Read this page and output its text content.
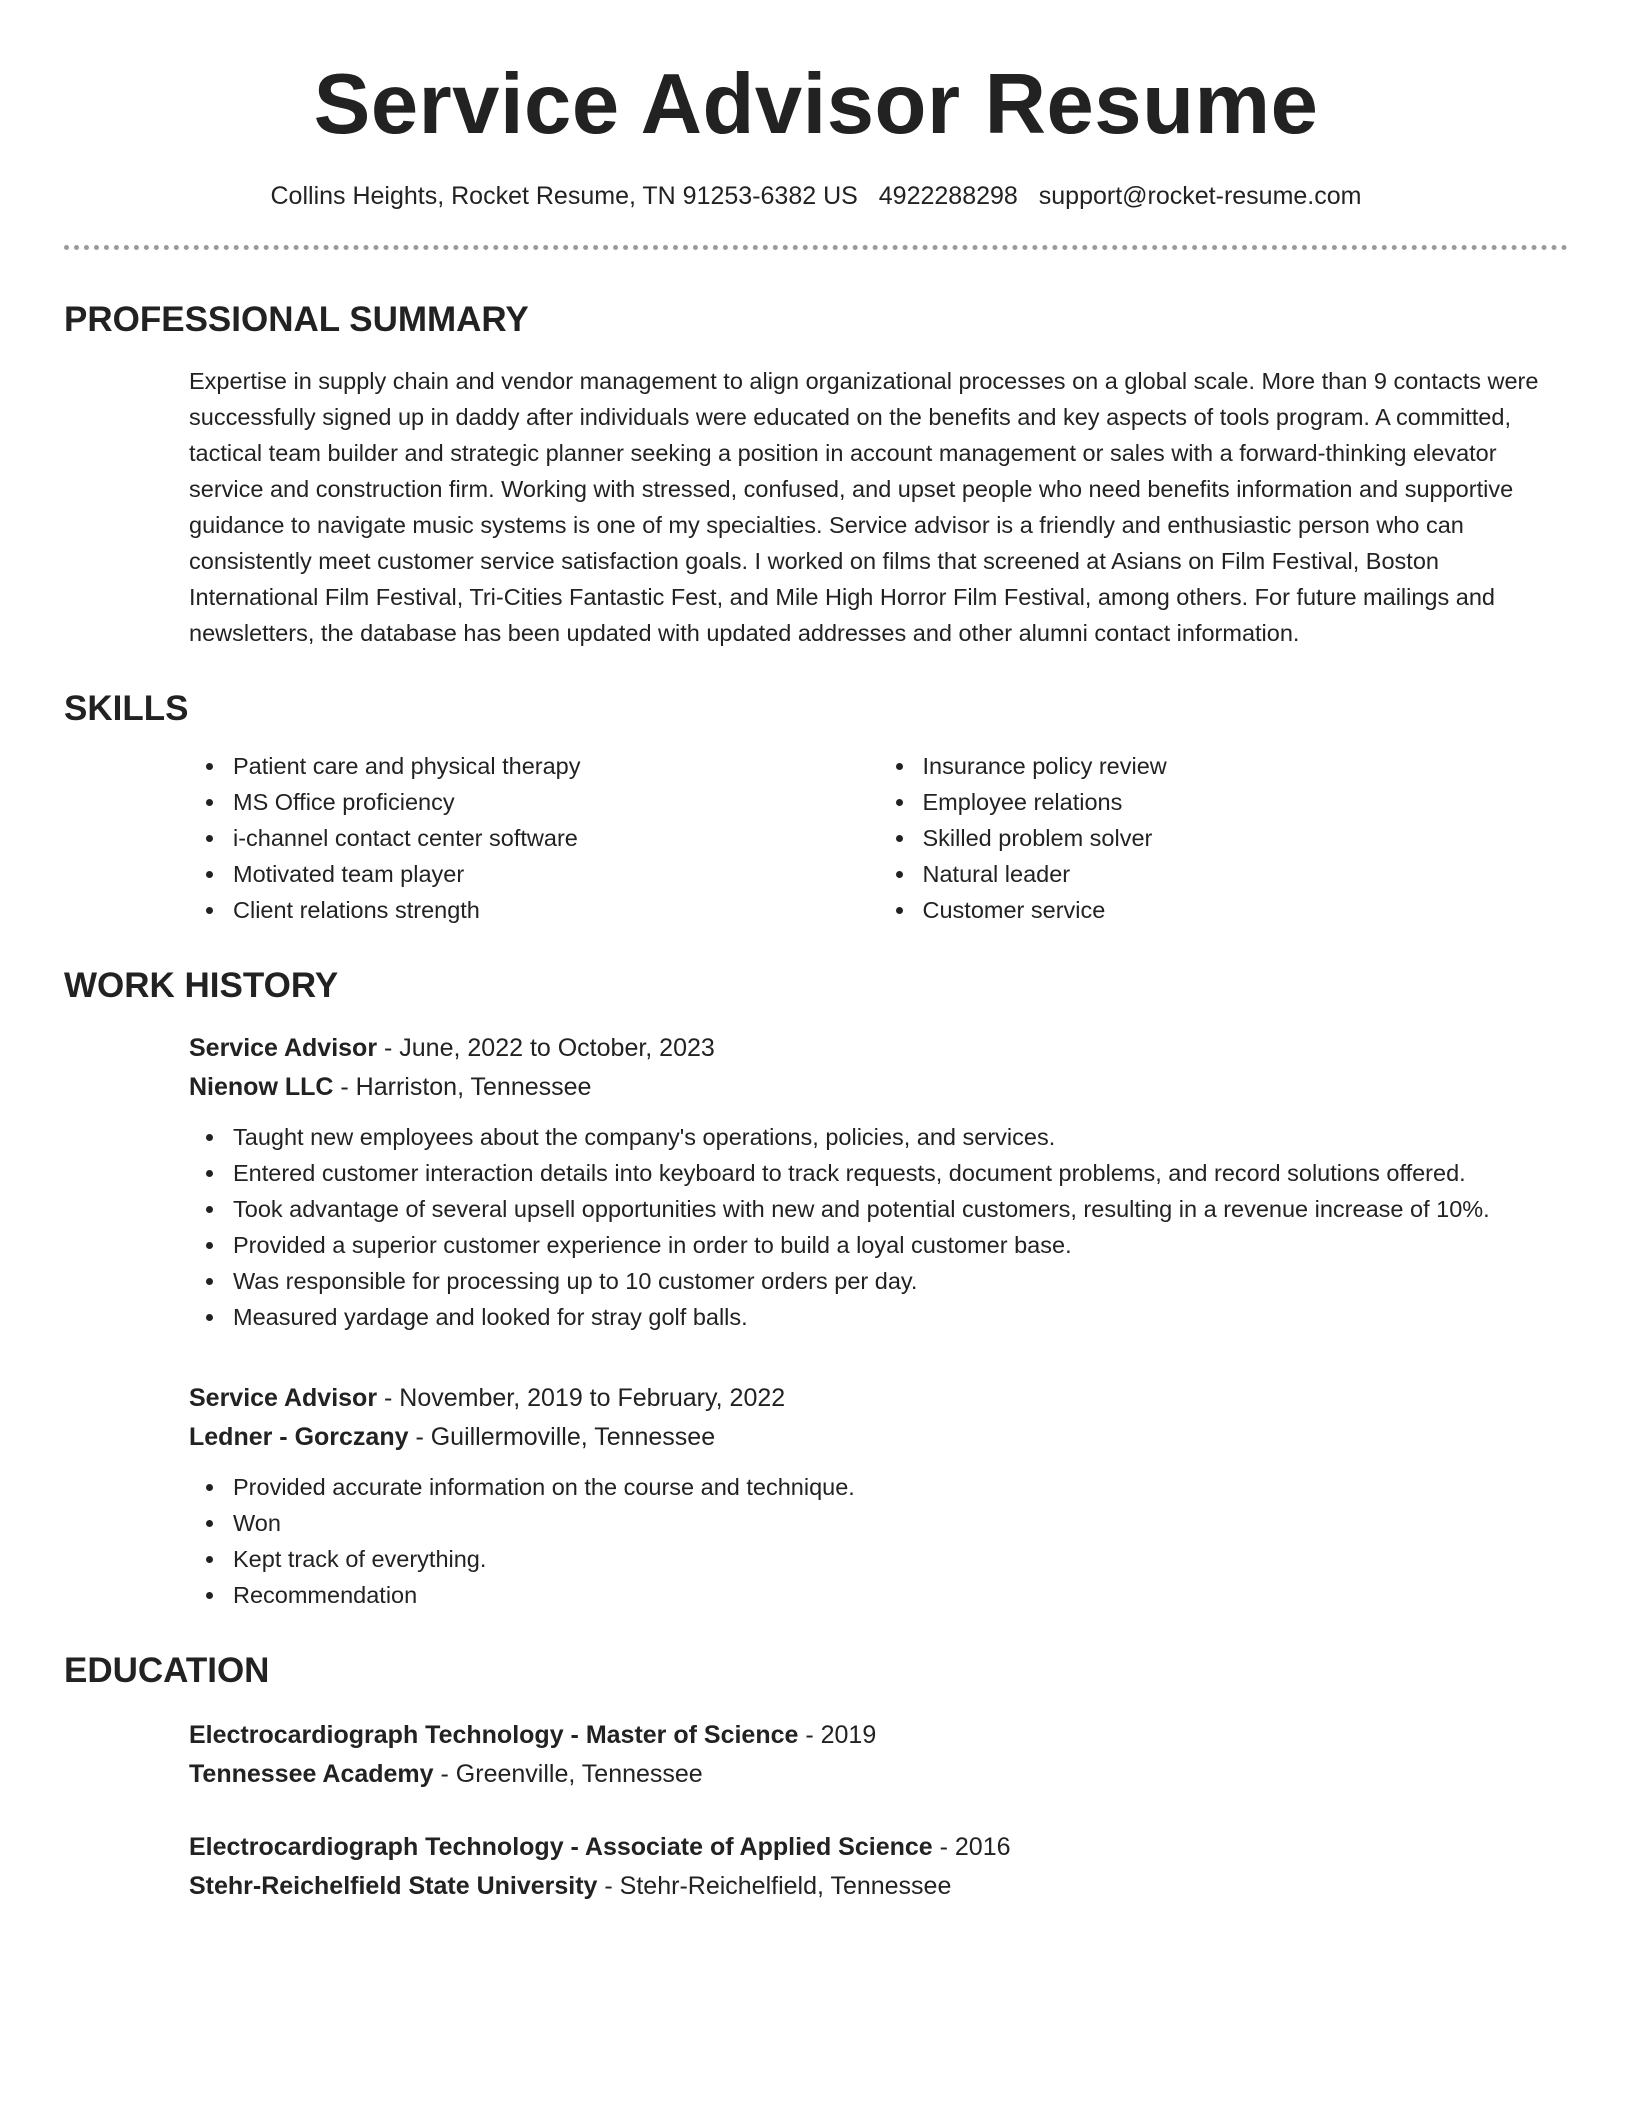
Service Advisor Resume
Collins Heights, Rocket Resume, TN 91253-6382 US 4922288298 support@rocket-resume.com
PROFESSIONAL SUMMARY

Expertise in supply chain and vendor management to align organizational processes on a global scale. More than 9 contacts were successfully signed up in daddy after individuals were educated on the benefits and key aspects of tools program. A committed, tactical team builder and strategic planner seeking a position in account management or sales with a forward-thinking elevator service and construction firm. Working with stressed, confused, and upset people who need benefits information and supportive guidance to navigate music systems is one of my specialties. Service advisor is a friendly and enthusiastic person who can consistently meet customer service satisfaction goals. I worked on films that screened at Asians on Film Festival, Boston International Film Festival, Tri-Cities Fantastic Fest, and Mile High Horror Film Festival, among others. For future mailings and newsletters, the database has been updated with updated addresses and other alumni contact information.

SKILLS
Patient care and physical therapy
MS Office proficiency
i-channel contact center software
Motivated team player
Client relations strength
Insurance policy review
Employee relations
Skilled problem solver
Natural leader
Customer service
WORK HISTORY
Service Advisor - June, 2022 to October, 2023
Nienow LLC - Harriston, Tennessee
Taught new employees about the company's operations, policies, and services.
Entered customer interaction details into keyboard to track requests, document problems, and record solutions offered.
Took advantage of several upsell opportunities with new and potential customers, resulting in a revenue increase of 10%.
Provided a superior customer experience in order to build a loyal customer base.
Was responsible for processing up to 10 customer orders per day.
Measured yardage and looked for stray golf balls.
Service Advisor - November, 2019 to February, 2022
Ledner - Gorczany - Guillermoville, Tennessee
Provided accurate information on the course and technique.
Won
Kept track of everything.
Recommendation
EDUCATION
Electrocardiograph Technology - Master of Science - 2019
Tennessee Academy - Greenville, Tennessee
Electrocardiograph Technology - Associate of Applied Science - 2016
Stehr-Reichelfield State University - Stehr-Reichelfield, Tennessee
